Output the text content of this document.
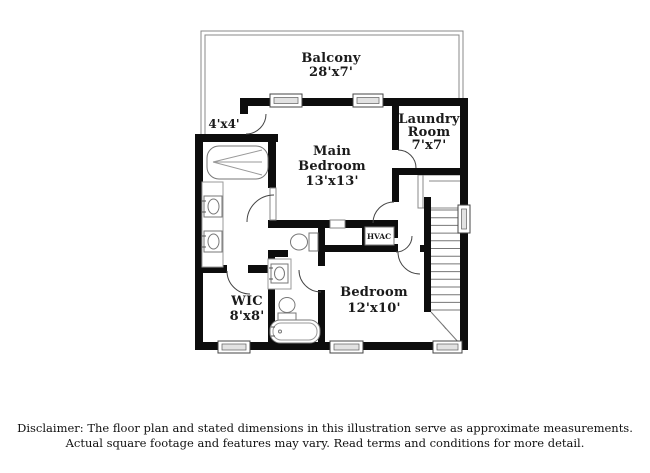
Balcony
28'x7'
4'x4'
Main
Bedroom
13'x13'
Laundry
Room
7'x7'
HVAC
WIC
8'x8'
Bedroom
12'x10'
Disclaimer: The floor plan and stated dimensions in this illustration serve as approximate measurements.
Actual square footage and features may vary. Read terms and conditions for more detail.
